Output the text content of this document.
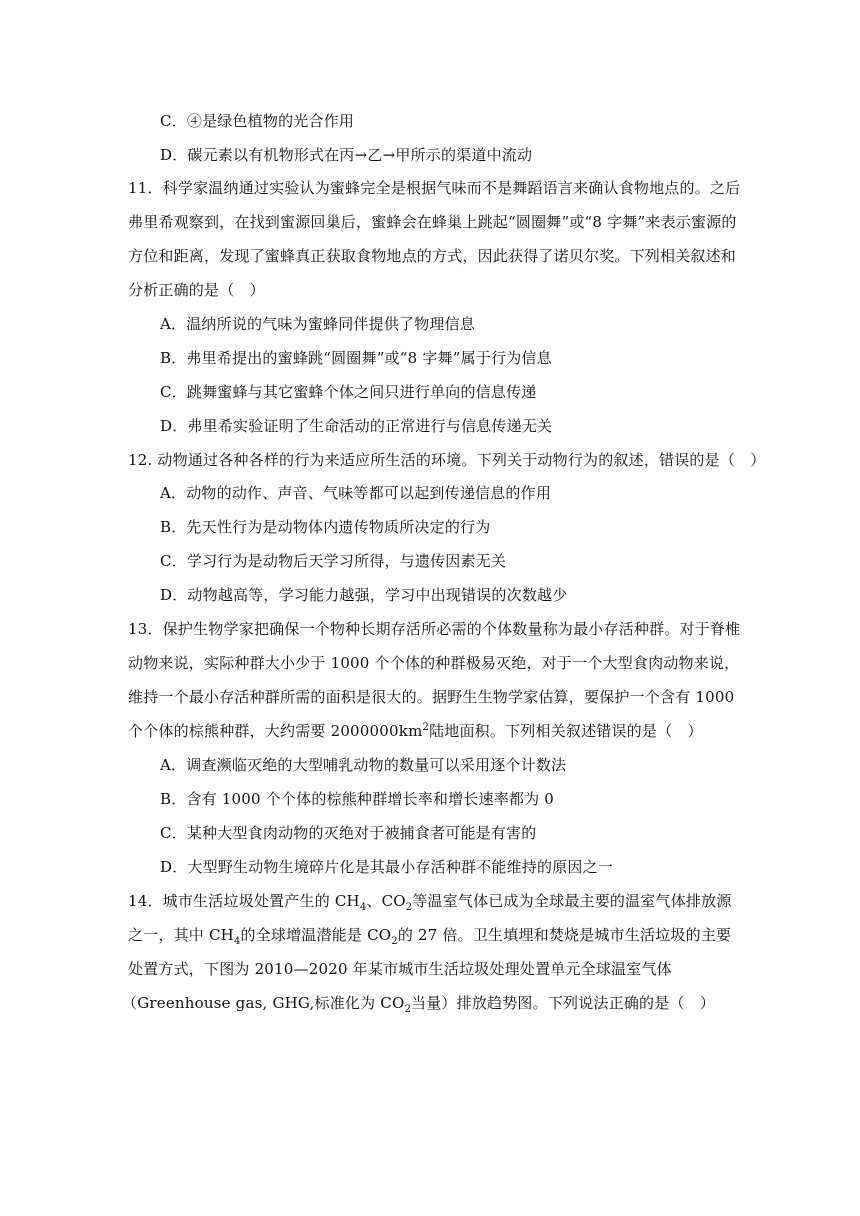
C．④是绿色植物的光合作用
D．碳元素以有机物形式在丙→乙→甲所示的渠道中流动
11．科学家温纳通过实验认为蜜蜂完全是根据气味而不是舞蹈语言来确认食物地点的。之后
弗里希观察到，在找到蜜源回巢后，蜜蜂会在蜂巢上跳起“圆圈舞”或“8 字舞”来表示蜜源的
方位和距离，发现了蜜蜂真正获取食物地点的方式，因此获得了诺贝尔奖。下列相关叙述和
分析正确的是（　）
A．温纳所说的气味为蜜蜂同伴提供了物理信息
B．弗里希提出的蜜蜂跳“圆圈舞”或“8 字舞”属于行为信息
C．跳舞蜜蜂与其它蜜蜂个体之间只进行单向的信息传递
D．弗里希实验证明了生命活动的正常进行与信息传递无关
12. 动物通过各种各样的行为来适应所生活的环境。下列关于动物行为的叙述，错误的是（　）
A．动物的动作、声音、气味等都可以起到传递信息的作用
B．先天性行为是动物体内遗传物质所决定的行为
C．学习行为是动物后天学习所得，与遗传因素无关
D．动物越高等，学习能力越强，学习中出现错误的次数越少
13．保护生物学家把确保一个物种长期存活所必需的个体数量称为最小存活种群。对于脊椎
动物来说，实际种群大小少于 1000 个个体的种群极易灭绝，对于一个大型食肉动物来说，
维持一个最小存活种群所需的面积是很大的。据野生生物学家估算，要保护一个含有 1000
个个体的棕熊种群，大约需要 $2000000km^2$陆地面积。下列相关叙述错误的是（　）
A．调查濒临灭绝的大型哺乳动物的数量可以采用逐个计数法
B．含有 1000 个个体的棕熊种群增长率和增长速率都为 0
C．某种大型食肉动物的灭绝对于被捕食者可能是有害的
D．大型野生动物生境碎片化是其最小存活种群不能维持的原因之一
14．城市生活垃圾处置产生的 $CH_4$、$CO_2$等温室气体已成为全球最主要的温室气体排放源
之一，其中 $CH_4$的全球增温潜能是 $CO_2$的 27 倍。卫生填埋和焚烧是城市生活垃圾的主要
处置方式，下图为 2010—2020 年某市城市生活垃圾处理处置单元全球温室气体
（Greenhouse gas, GHG,标准化为 $CO_2$当量）排放趋势图。下列说法正确的是（　）
